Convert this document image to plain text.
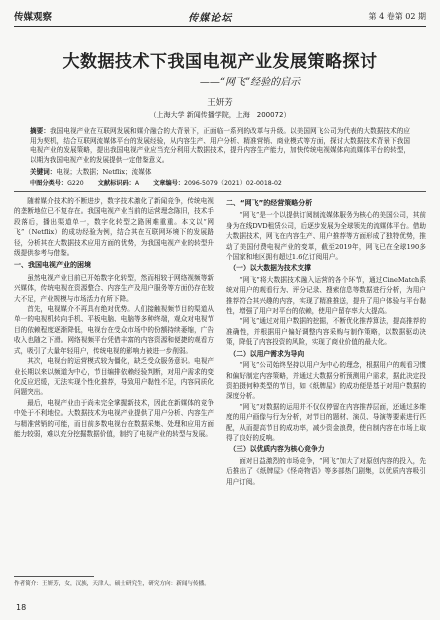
传媒观察	传媒论坛	第 4 卷第 02 期
大数据技术下我国电视产业发展策略探讨
——“网飞”经验的启示
王妍芳
（上海大学 新闻传播学院，上海　200072）
摘要：我国电视产业在互联网发展和媒介融合的大背景下，正面临一系列的改革与升级。以美国网飞公司为代表的大数据技术的应用为契机，结合互联网流媒体平台的发展经验，从内容生产、用户分析、精准营销、商业模式等方面，探讨大数据技术背景下我国电视产业的发展策略，提出我国电视产业应当充分利用大数据技术，提升内容生产能力，加快传统电视媒体向流媒体平台的转型，以期为我国电视产业的发展提供一定借鉴意义。
关键词：电视；大数据；Netflix；流媒体
中图分类号：G220 文献标识码：A 文章编号：2096-5079（2021）02-0018-02

随着媒介技术的不断进步，数字技术激化了新闻竞争，传统电视的垄断地位已不复存在。我国电视产业当前的运营理念陈旧，技术手段落后，播出渠道单一，数字化转型之路困难重重。本文以“网飞”（Netflix）的成功经验为例，结合其在互联网环境下的发展路径，分析其在大数据技术应用方面的优势，为我国电视产业的转型升级提供参考与借鉴。

一、我国电视产业的困境

虽然电视产业目前已开始数字化转型，然而相较于网络视频等新兴媒体，传统电视在资源整合、内容生产及用户服务等方面仍存在较大不足，产业规模与市场活力有所下降。

首先，电视媒介不再具有绝对优势。人们接触视频节目的渠道从单一的电视机转向手机、平板电脑、电脑等多种终端，观众对电视节目的依赖程度逐渐降低，电视台在受众市场中的份额持续萎缩，广告收入也随之下滑。网络视频平台凭借丰富的内容资源和便捷的观看方式，吸引了大量年轻用户，传统电视的影响力被进一步削弱。

其次，电视台的运营模式较为僵化，缺乏受众服务意识。电视产业长期以来以频道为中心，节目编排依赖经验判断，对用户需求的变化反应迟缓，无法实现个性化推荐，导致用户黏性不足，内容同质化问题突出。

最后，电视产业由于尚未完全掌握新技术，因此在新媒体的竞争中处于不利地位。大数据技术为电视产业提供了用户分析、内容生产与精准营销的可能，而目前多数电视台在数据采集、处理和应用方面能力较弱，难以充分挖掘数据价值，制约了电视产业的转型与发展。

二、“网飞”的经营策略分析

“网飞”是一个以提供订阅制流媒体服务为核心的美国公司，其前身为在线DVD租赁公司，后逐步发展为全球领先的流媒体平台。借助大数据技术，网飞在内容生产、用户推荐等方面形成了独特优势，推动了美国付费电视产业的变革，截至2019年，网飞已在全球190多个国家和地区拥有超过1.6亿订阅用户。

（一）以大数据为技术支撑

“网飞”将大数据技术融入运营的各个环节，通过CineMatch系统对用户的观看行为、评分记录、搜索信息等数据进行分析，为用户推荐符合其兴趣的内容，实现了精准推送，提升了用户体验与平台黏性，增强了用户对平台的依赖，使用户留存率大大提高。

“网飞”通过对用户数据的挖掘，不断优化推荐算法，提高推荐的准确性，并根据用户偏好调整内容采购与制作策略，以数据驱动决策，降低了内容投资的风险，实现了商业价值的最大化。

（二）以用户需求为导向

“网飞”公司始终坚持以用户为中心的理念，根据用户的观看习惯和偏好制定内容策略，并通过大数据分析预测用户需求，据此决定投资拍摄何种类型的节目，如《纸牌屋》的成功便是基于对用户数据的深度分析。

“网飞”对数据的运用并不仅仅停留在内容推荐层面，还通过多维度的用户画像与行为分析，对节目的题材、演员、导演等要素进行匹配，从而提高节目的成功率，减少资金浪费，使自制内容在市场上取得了良好的反响。

（三）以优质内容为核心竞争力

面对日益激烈的市场竞争，“网飞”加大了对原创内容的投入，先后推出了《纸牌屋》《怪奇物语》等多部热门剧集，以优质内容吸引用户订阅。

作者简介：王妍芳，女，汉族，天津人，硕士研究生，研究方向：新闻与传播。
18
